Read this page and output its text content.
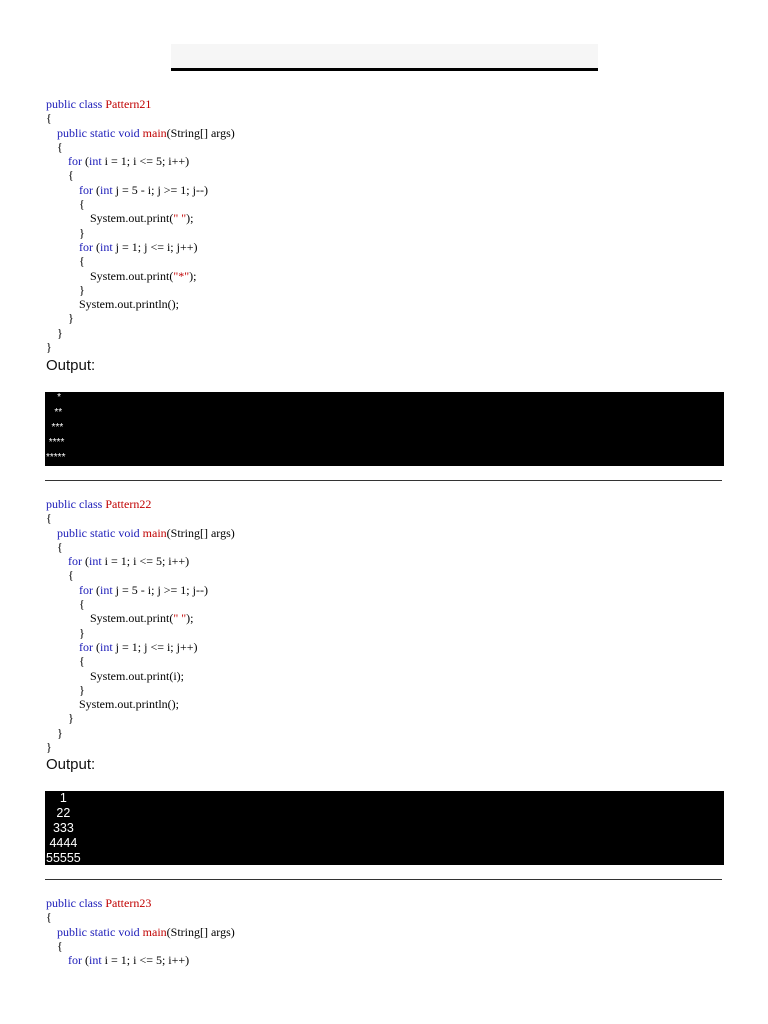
public class Pattern21
{
public static void main(String[] args)
{
for (int i = 1; i <= 5; i++)
{
for (int j = 5 - i; j >= 1; j--)
{
System.out.print(" ");
}
for (int j = 1; j <= i; j++)
{
System.out.print("*");
}
System.out.println();
}
}
}
Output:
*
**
***
****
*****
public class Pattern22
{
public static void main(String[] args)
{
for (int i = 1; i <= 5; i++)
{
for (int j = 5 - i; j >= 1; j--)
{
System.out.print(" ");
}
for (int j = 1; j <= i; j++)
{
System.out.print(i);
}
System.out.println();
}
}
}
Output:
1
22
333
4444
55555
public class Pattern23
{
public static void main(String[] args)
{
for (int i = 1; i <= 5; i++)
